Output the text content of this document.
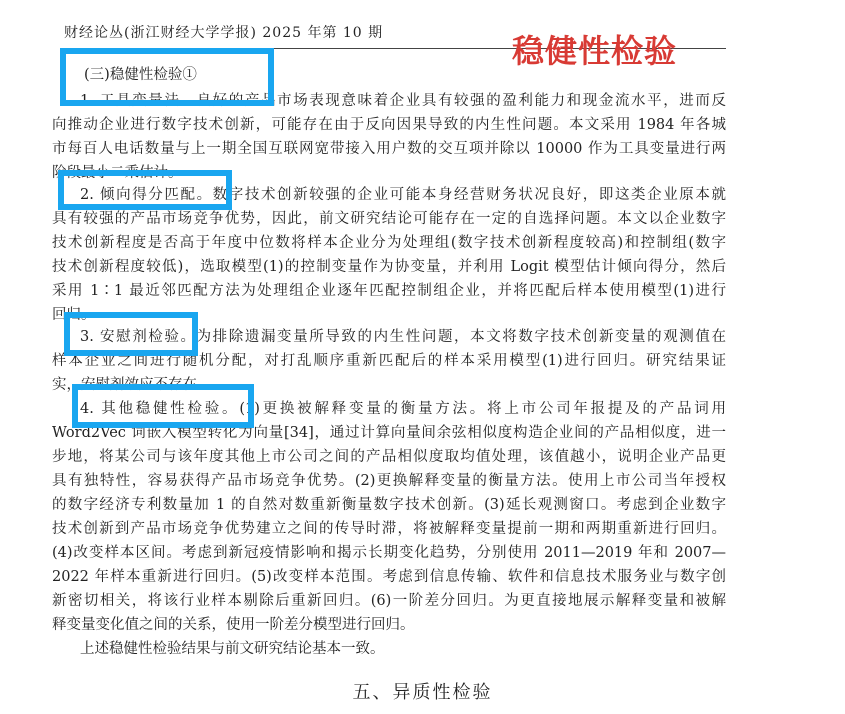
财经论丛(浙江财经大学学报) 2025 年第 10 期	稳健性检验
(三)稳健性检验①
1. 工具变量法。良好的产品市场表现意味着企业具有较强的盈利能力和现金流水平，进而反
向推动企业进行数字技术创新，可能存在由于反向因果导致的内生性问题。本文采用 1984 年各城
市每百人电话数量与上一期全国互联网宽带接入用户数的交互项并除以 10000 作为工具变量进行两
阶段最小二乘估计。
2. 倾向得分匹配。数字技术创新较强的企业可能本身经营财务状况良好，即这类企业原本就
具有较强的产品市场竞争优势，因此，前文研究结论可能存在一定的自选择问题。本文以企业数字
技术创新程度是否高于年度中位数将样本企业分为处理组(数字技术创新程度较高)和控制组(数字
技术创新程度较低)，选取模型(1)的控制变量作为协变量，并利用 Logit 模型估计倾向得分，然后
采用 1∶1 最近邻匹配方法为处理组企业逐年匹配控制组企业，并将匹配后样本使用模型(1)进行
回归。
3. 安慰剂检验。为排除遗漏变量所导致的内生性问题，本文将数字技术创新变量的观测值在
样本企业之间进行随机分配，对打乱顺序重新匹配后的样本采用模型(1)进行回归。研究结果证
实，安慰剂效应不存在。
4. 其他稳健性检验。(1)更换被解释变量的衡量方法。将上市公司年报提及的产品词用
Word2Vec 词嵌入模型转化为向量[34]，通过计算向量间余弦相似度构造企业间的产品相似度，进一
步地，将某公司与该年度其他上市公司之间的产品相似度取均值处理，该值越小，说明企业产品更
具有独特性，容易获得产品市场竞争优势。(2)更换解释变量的衡量方法。使用上市公司当年授权
的数字经济专利数量加 1 的自然对数重新衡量数字技术创新。(3)延长观测窗口。考虑到企业数字
技术创新到产品市场竞争优势建立之间的传导时滞，将被解释变量提前一期和两期重新进行回归。
(4)改变样本区间。考虑到新冠疫情影响和揭示长期变化趋势，分别使用 2011—2019 年和 2007—
2022 年样本重新进行回归。(5)改变样本范围。考虑到信息传输、软件和信息技术服务业与数字创
新密切相关，将该行业样本剔除后重新回归。(6)一阶差分回归。为更直接地展示解释变量和被解
释变量变化值之间的关系，使用一阶差分模型进行回归。
上述稳健性检验结果与前文研究结论基本一致。
五、异质性检验
